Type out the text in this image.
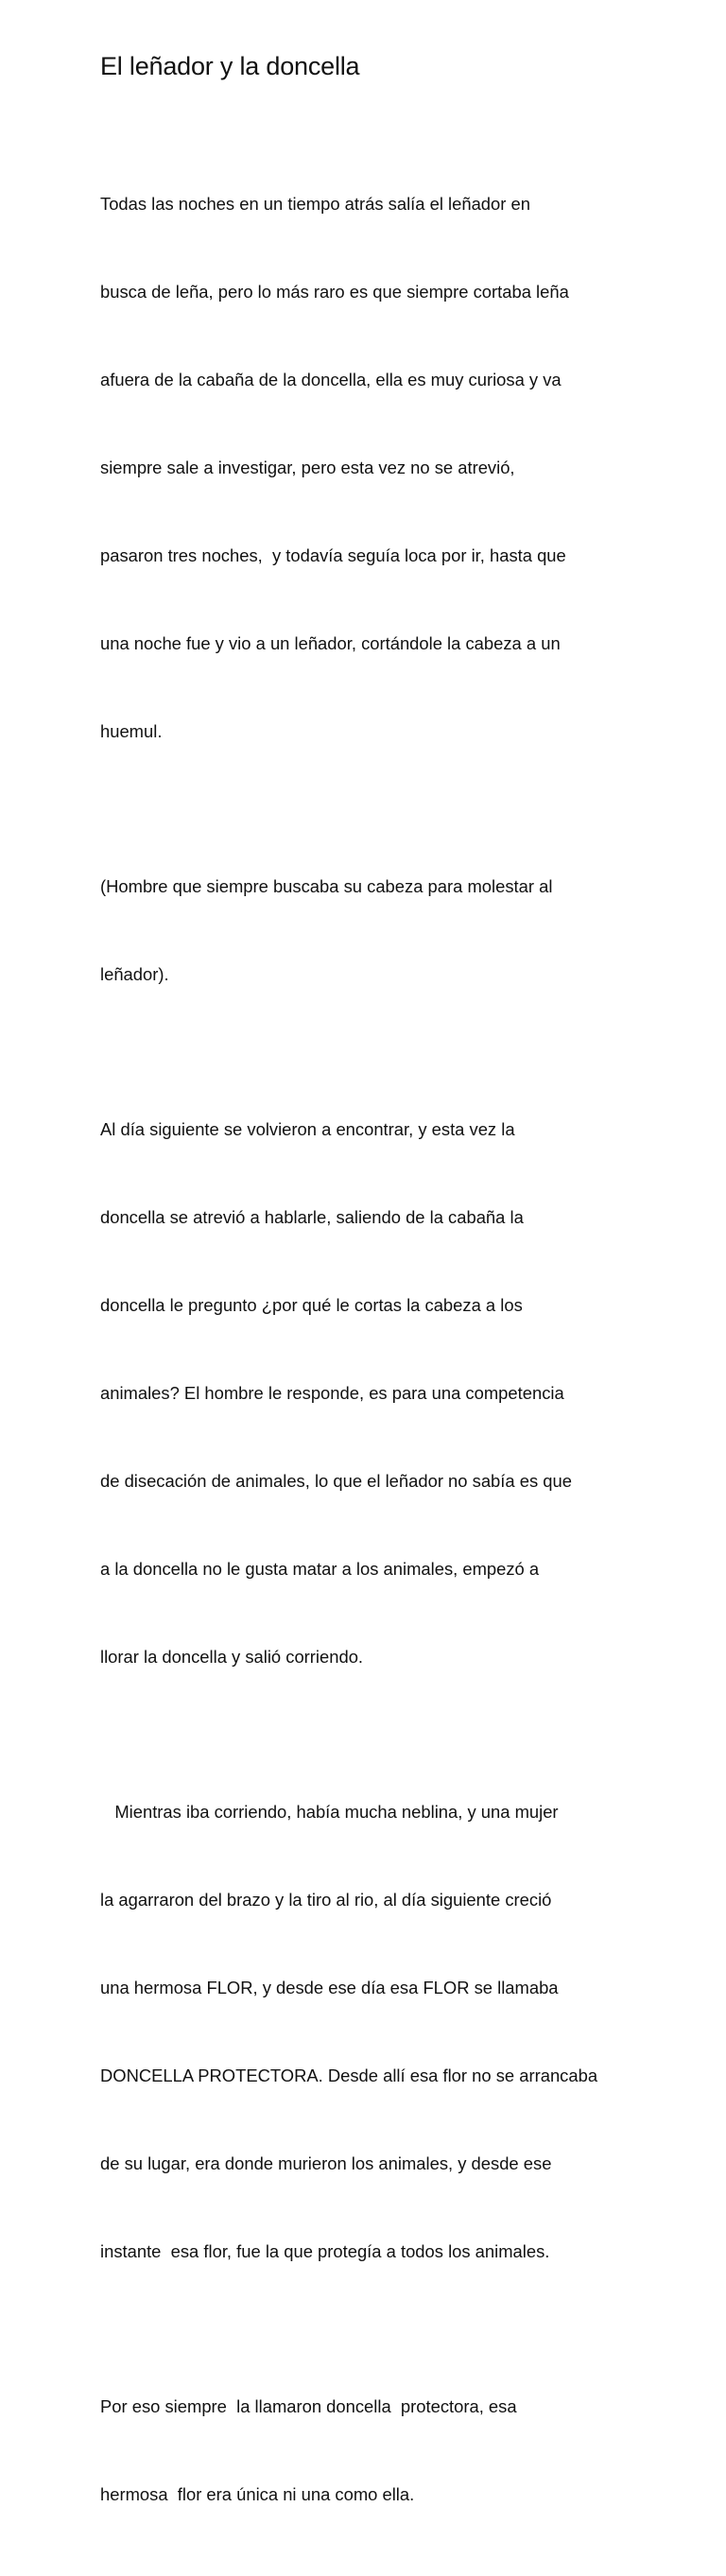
El leñador y la doncella

Todas las noches en un tiempo atrás salía el leñador en

busca de leña, pero lo más raro es que siempre cortaba leña

afuera de la cabaña de la doncella, ella es muy curiosa y va

siempre sale a investigar, pero esta vez no se atrevió,

pasaron tres noches,  y todavía seguía loca por ir, hasta que

una noche fue y vio a un leñador, cortándole la cabeza a un

huemul.

(Hombre que siempre buscaba su cabeza para molestar al

leñador).

Al día siguiente se volvieron a encontrar, y esta vez la

doncella se atrevió a hablarle, saliendo de la cabaña la

doncella le pregunto ¿por qué le cortas la cabeza a los

animales? El hombre le responde, es para una competencia

de disecación de animales, lo que el leñador no sabía es que

a la doncella no le gusta matar a los animales, empezó a

llorar la doncella y salió corriendo.

Mientras iba corriendo, había mucha neblina, y una mujer

la agarraron del brazo y la tiro al rio, al día siguiente creció

una hermosa FLOR, y desde ese día esa FLOR se llamaba

DONCELLA PROTECTORA. Desde allí esa flor no se arrancaba

de su lugar, era donde murieron los animales, y desde ese

instante  esa flor, fue la que protegía a todos los animales.

Por eso siempre  la llamaron doncella  protectora, esa

hermosa  flor era única ni una como ella.
